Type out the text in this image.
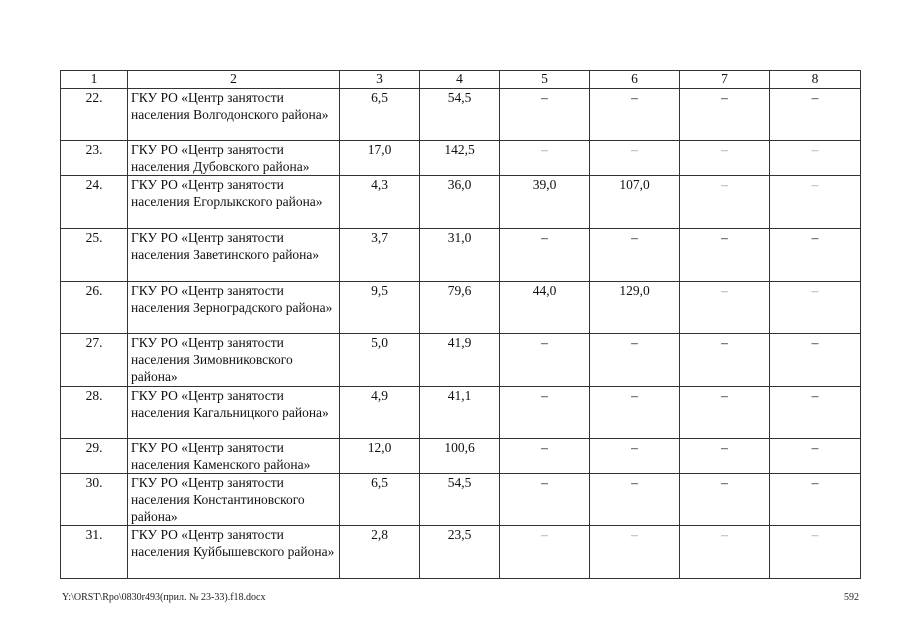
1	2	3	4	5	6	7	8
22.	ГКУ РО «Центр занятости населения Волгодонского района»	6,5	54,5	–	–	–	–
23.	ГКУ РО «Центр занятости населения Дубовского района»	17,0	142,5	–	–	–	–
24.	ГКУ РО «Центр занятости населения Егорлыкского района»	4,3	36,0	39,0	107,0	–	–
25.	ГКУ РО «Центр занятости населения Заветинского района»	3,7	31,0	–	–	–	–
26.	ГКУ РО «Центр занятости населения Зерноградского района»	9,5	79,6	44,0	129,0	–	–
27.	ГКУ РО «Центр занятости населения Зимовниковского района»	5,0	41,9	–	–	–	–
28.	ГКУ РО «Центр занятости населения Кагальницкого района»	4,9	41,1	–	–	–	–
29.	ГКУ РО «Центр занятости населения Каменского района»	12,0	100,6	–	–	–	–
30.	ГКУ РО «Центр занятости населения Константиновского района»	6,5	54,5	–	–	–	–
31.	ГКУ РО «Центр занятости населения Куйбышевского района»	2,8	23,5	–	–	–	–
Y:\ORST\Rpo\0830r493(прил. № 23-33).f18.docx	592
